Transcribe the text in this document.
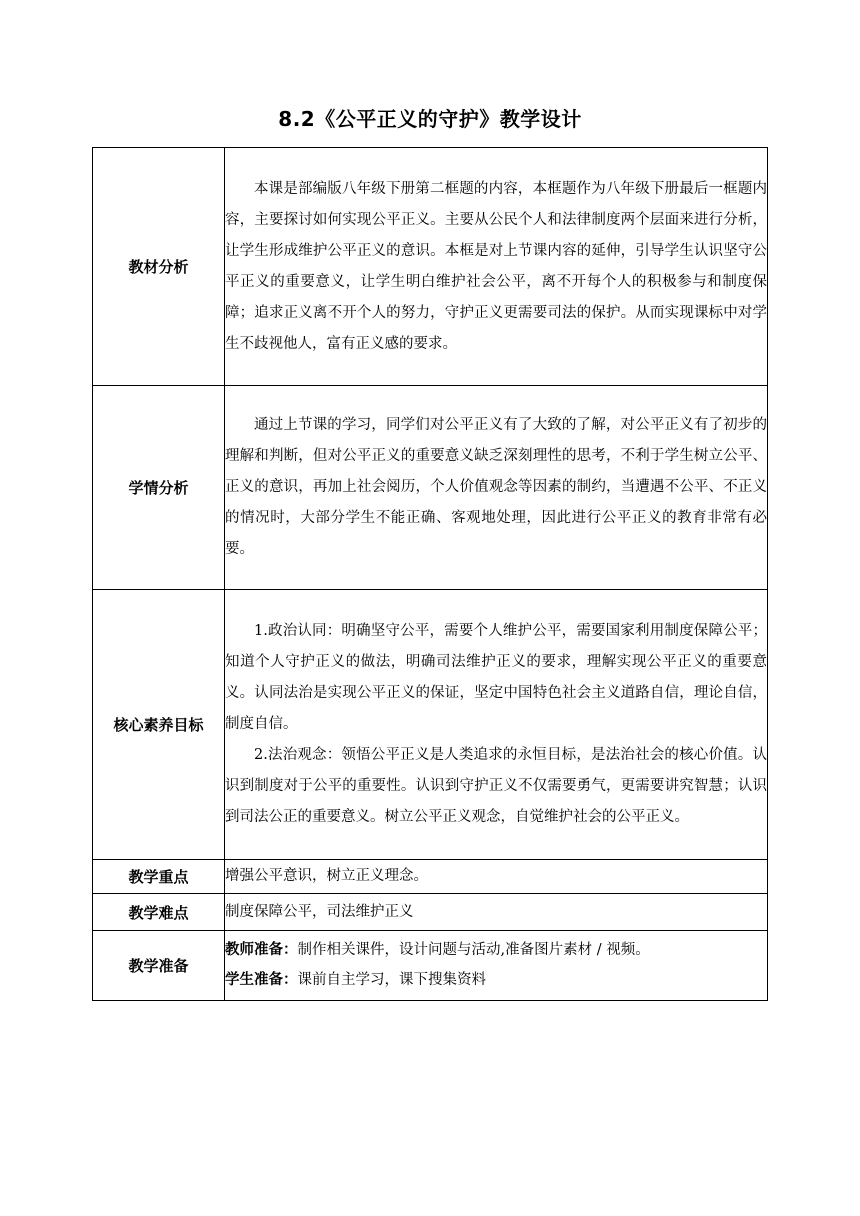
8.2《公平正义的守护》教学设计
教材分析	本课是部编版八年级下册第二框题的内容，本框题作为八年级下册最后一框题内容，主要探讨如何实现公平正义。主要从公民个人和法律制度两个层面来进行分析，让学生形成维护公平正义的意识。本框是对上节课内容的延伸，引导学生认识坚守公平正义的重要意义，让学生明白维护社会公平，离不开每个人的积极参与和制度保障；追求正义离不开个人的努力，守护正义更需要司法的保护。从而实现课标中对学生不歧视他人，富有正义感的要求。

学情分析	通过上节课的学习，同学们对公平正义有了大致的了解，对公平正义有了初步的理解和判断，但对公平正义的重要意义缺乏深刻理性的思考，不利于学生树立公平、正义的意识，再加上社会阅历，个人价值观念等因素的制约，当遭遇不公平、不正义的情况时，大部分学生不能正确、客观地处理，因此进行公平正义的教育非常有必要。

核心素养目标	1.政治认同：明确坚守公平，需要个人维护公平，需要国家利用制度保障公平；知道个人守护正义的做法，明确司法维护正义的要求，理解实现公平正义的重要意义。认同法治是实现公平正义的保证，坚定中国特色社会主义道路自信，理论自信，制度自信。

2.法治观念：领悟公平正义是人类追求的永恒目标，是法治社会的核心价值。认识到制度对于公平的重要性。认识到守护正义不仅需要勇气，更需要讲究智慧；认识到司法公正的重要意义。树立公平正义观念，自觉维护社会的公平正义。

教学重点	增强公平意识，树立正义理念。
教学难点	制度保障公平，司法维护正义
教学准备	教师准备：制作相关课件，设计问题与活动,准备图片素材 / 视频。

学生准备：课前自主学习，课下搜集资料
